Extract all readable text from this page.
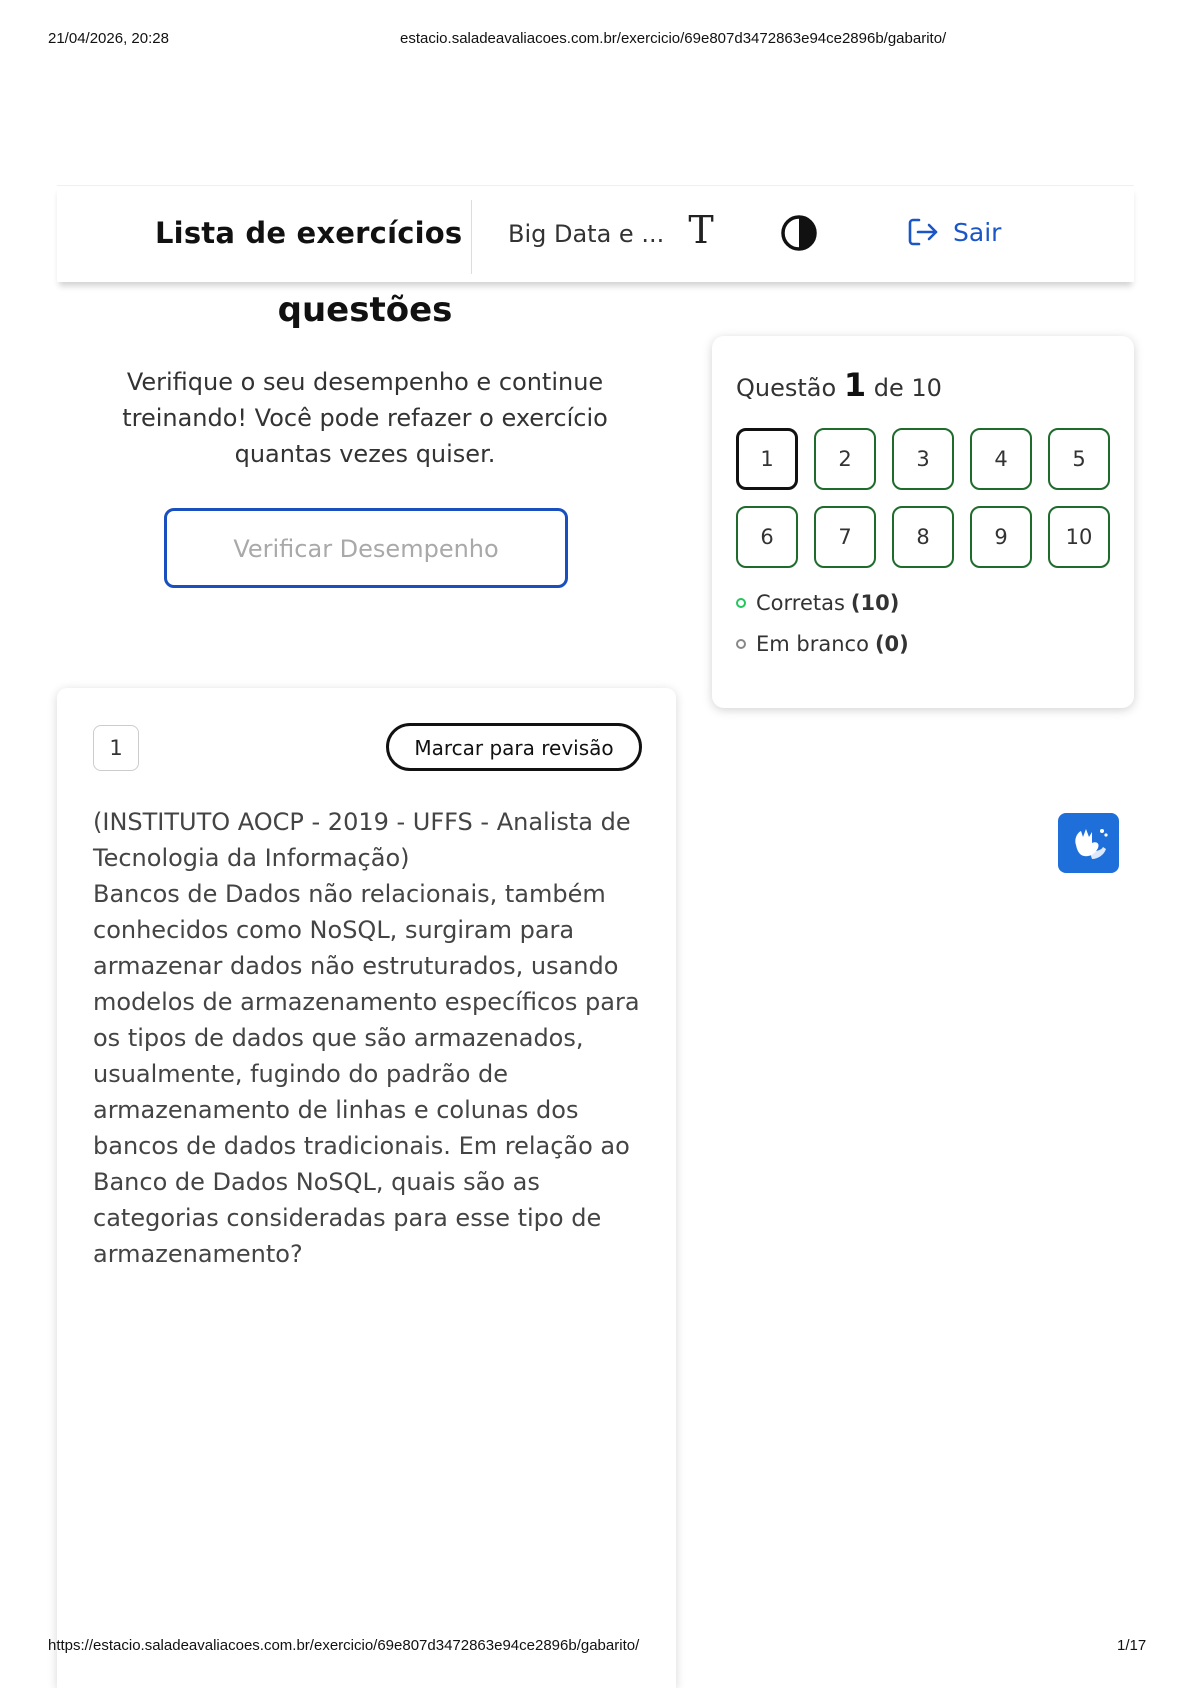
21/04/2026, 20:28	estacio.saladeavaliacoes.com.br/exercicio/69e807d3472863e94ce2896b/gabarito/
Lista de exercícios Big Data e ... T	Sair
questões
Verifique o seu desempenho e continue treinando! Você pode refazer o exercício quantas vezes quiser.
Verificar Desempenho
Questão 1 de 10
1	2	3	4	5
6	7	8	9	10
Corretas (10)
Em branco (0)
1	Marcar para revisão

(INSTITUTO AOCP - 2019 - UFFS - Analista de Tecnologia da Informação)

Bancos de Dados não relacionais, também conhecidos como NoSQL, surgiram para armazenar dados não estruturados, usando modelos de armazenamento específicos para os tipos de dados que são armazenados, usualmente, fugindo do padrão de armazenamento de linhas e colunas dos bancos de dados tradicionais. Em relação ao Banco de Dados NoSQL, quais são as categorias consideradas para esse tipo de armazenamento?

https://estacio.saladeavaliacoes.com.br/exercicio/69e807d3472863e94ce2896b/gabarito/	1/17
